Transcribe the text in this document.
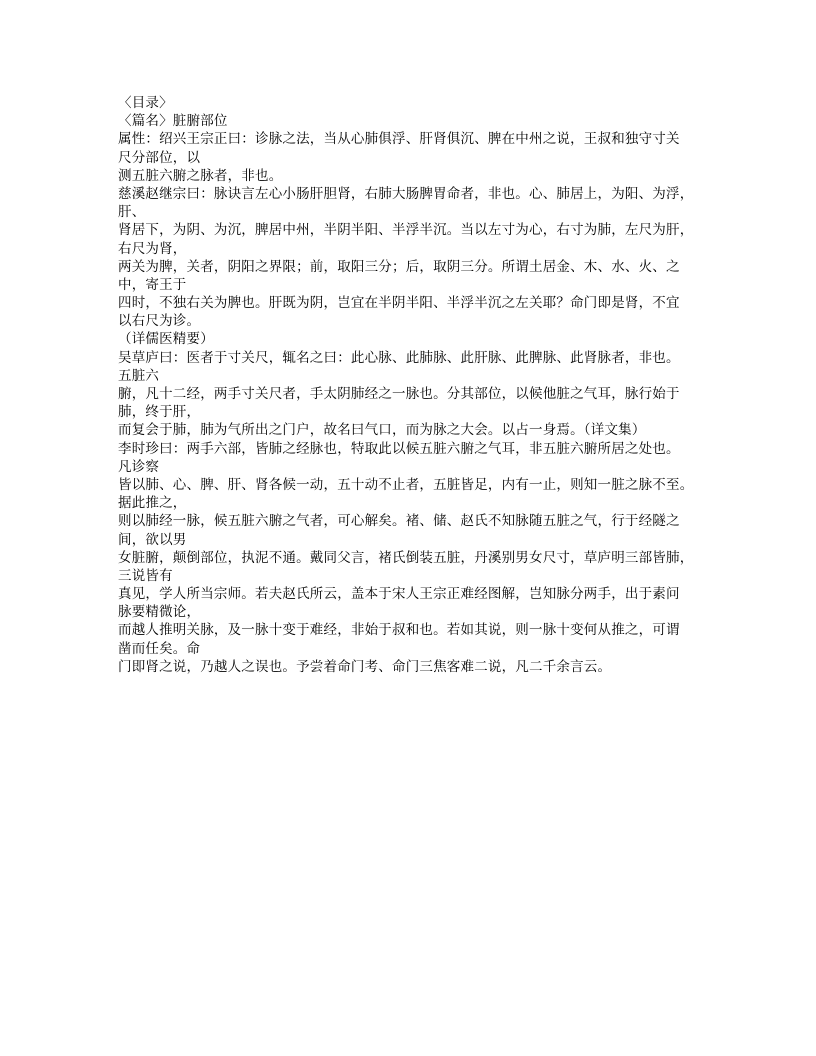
〈目录〉
〈篇名〉脏腑部位
属性：绍兴王宗正曰：诊脉之法，当从心肺俱浮、肝肾俱沉、脾在中州之说，王叔和独守寸关
尺分部位，以
测五脏六腑之脉者，非也。
慈溪赵继宗曰：脉诀言左心小肠肝胆肾，右肺大肠脾胃命者，非也。心、肺居上，为阳、为浮，
肝、
肾居下，为阴、为沉，脾居中州，半阴半阳、半浮半沉。当以左寸为心，右寸为肺，左尺为肝，
右尺为肾，
两关为脾，关者，阴阳之界限；前，取阳三分；后，取阴三分。所谓土居金、木、水、火、之
中，寄王于
四时，不独右关为脾也。肝既为阴，岂宜在半阴半阳、半浮半沉之左关耶？命门即是肾，不宜
以右尺为诊。
（详儒医精要）
吴草庐曰：医者于寸关尺，辄名之曰：此心脉、此肺脉、此肝脉、此脾脉、此肾脉者，非也。
五脏六
腑，凡十二经，两手寸关尺者，手太阴肺经之一脉也。分其部位，以候他脏之气耳，脉行始于
肺，终于肝，
而复会于肺，肺为气所出之门户，故名曰气口，而为脉之大会。以占一身焉。（详文集）
李时珍曰：两手六部，皆肺之经脉也，特取此以候五脏六腑之气耳，非五脏六腑所居之处也。
凡诊察
皆以肺、心、脾、肝、肾各候一动，五十动不止者，五脏皆足，内有一止，则知一脏之脉不至。
据此推之，
则以肺经一脉，候五脏六腑之气者，可心解矣。褚、储、赵氏不知脉随五脏之气，行于经隧之
间，欲以男
女脏腑，颠倒部位，执泥不通。戴同父言，褚氏倒装五脏，丹溪别男女尺寸，草庐明三部皆肺，
三说皆有
真见，学人所当宗师。若夫赵氏所云，盖本于宋人王宗正难经图解，岂知脉分两手，出于素问
脉要精微论，
而越人推明关脉，及一脉十变于难经，非始于叔和也。若如其说，则一脉十变何从推之，可谓
凿而任矣。命
门即肾之说，乃越人之误也。予尝着命门考、命门三焦客难二说，凡二千余言云。
